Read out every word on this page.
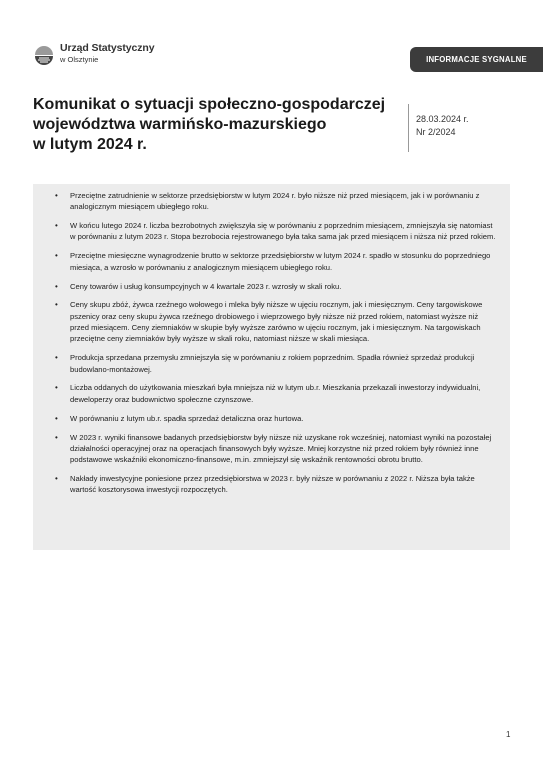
Urząd Statystyczny
w Olsztynie	INFORMACJE SYGNALNE
Komunikat o sytuacji społeczno-gospodarczej
województwa warmińsko-mazurskiego
w lutym 2024 r.
28.03.2024 r.
Nr 2/2024
• Przeciętne zatrudnienie w sektorze przedsiębiorstw w lutym 2024 r. było niższe niż przed miesiącem, jak i w porównaniu z analogicznym miesiącem ubiegłego roku.
• W końcu lutego 2024 r. liczba bezrobotnych zwiększyła się w porównaniu z poprzednim miesiącem, zmniejszyła się natomiast w porównaniu z lutym 2023 r. Stopa bezrobocia rejestrowanego była taka sama jak przed miesiącem i niższa niż przed rokiem.
• Przeciętne miesięczne wynagrodzenie brutto w sektorze przedsiębiorstw w lutym 2024 r. spadło w stosunku do poprzedniego miesiąca, a wzrosło w porównaniu z analogicznym miesiącem ubiegłego roku.
• Ceny towarów i usług konsumpcyjnych w 4 kwartale 2023 r. wzrosły w skali roku.
• Ceny skupu zbóż, żywca rzeźnego wołowego i mleka były niższe w ujęciu rocznym, jak i miesięcznym. Ceny targowiskowe pszenicy oraz ceny skupu żywca rzeźnego drobiowego i wieprzowego były niższe niż przed rokiem, natomiast wyższe niż przed miesiącem. Ceny ziemniaków w skupie były wyższe zarówno w ujęciu rocznym, jak i miesięcznym. Na targowiskach przeciętne ceny ziemniaków były wyższe w skali roku, natomiast niższe w skali miesiąca.
• Produkcja sprzedana przemysłu zmniejszyła się w porównaniu z rokiem poprzednim. Spadła również sprzedaż produkcji budowlano-montażowej.
• Liczba oddanych do użytkowania mieszkań była mniejsza niż w lutym ub.r. Mieszkania przekazali inwestorzy indywidualni, deweloperzy oraz budownictwo społeczne czynszowe.
• W porównaniu z lutym ub.r. spadła sprzedaż detaliczna oraz hurtowa.
• W 2023 r. wyniki finansowe badanych przedsiębiorstw były niższe niż uzyskane rok wcześniej, natomiast wyniki na pozostałej działalności operacyjnej oraz na operacjach finansowych były wyższe. Mniej korzystne niż przed rokiem były również inne podstawowe wskaźniki ekonomiczno-finansowe, m.in. zmniejszył się wskaźnik rentowności obrotu brutto.
• Nakłady inwestycyjne poniesione przez przedsiębiorstwa w 2023 r. były niższe w porównaniu z 2022 r. Niższa była także wartość kosztorysowa inwestycji rozpoczętych.
1
